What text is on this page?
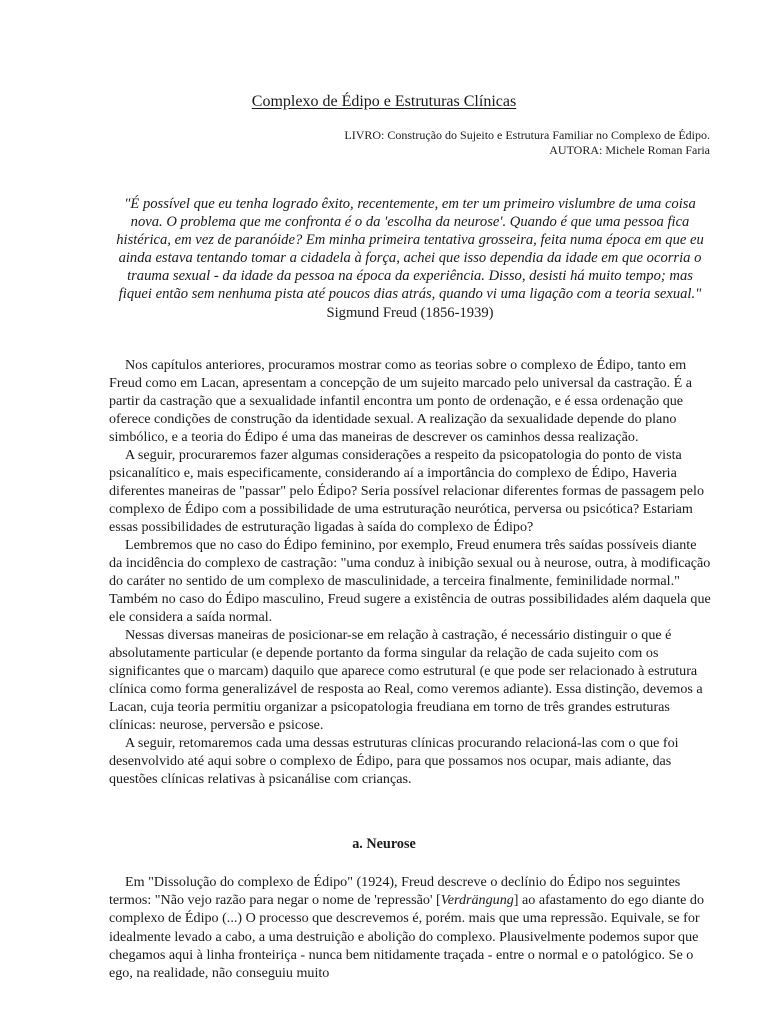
Complexo de Édipo e Estruturas Clínicas
LIVRO: Construção do Sujeito e Estrutura Familiar no Complexo de Édipo.
AUTORA: Michele Roman Faria
"É possível que eu tenha logrado êxito, recentemente, em ter um primeiro vislumbre de uma coisa nova. O problema que me confronta é o da 'escolha da neurose'. Quando é que uma pessoa fica histérica, em vez de paranóide? Em minha primeira tentativa grosseira, feita numa época em que eu ainda estava tentando tomar a cidadela à força, achei que isso dependia da idade em que ocorria o trauma sexual - da idade da pessoa na época da experiência. Disso, desisti há muito tempo; mas fiquei então sem nenhuma pista até poucos dias atrás, quando vi uma ligação com a teoria sexual."
Sigmund Freud (1856-1939)

Nos capítulos anteriores, procuramos mostrar como as teorias sobre o complexo de Édipo, tanto em Freud como em Lacan, apresentam a concepção de um sujeito marcado pelo universal da castração. É a partir da castração que a sexualidade infantil encontra um ponto de ordenação, e é essa ordenação que oferece condições de construção da identidade sexual. A realização da sexualidade depende do plano simbólico, e a teoria do Édipo é uma das maneiras de descrever os caminhos dessa realização.

A seguir, procuraremos fazer algumas considerações a respeito da psicopatologia do ponto de vista psicanalítico e, mais especificamente, considerando aí a importância do complexo de Édipo, Haveria diferentes maneiras de "passar" pelo Édipo? Seria possível relacionar diferentes formas de passagem pelo complexo de Édipo com a possibilidade de uma estruturação neurótica, perversa ou psicótica? Estariam essas possibilidades de estruturação ligadas à saída do complexo de Édipo?

Lembremos que no caso do Édipo feminino, por exemplo, Freud enumera três saídas possíveis diante da incidência do complexo de castração: "uma conduz à inibição sexual ou à neurose, outra, à modificação do caráter no sentido de um complexo de masculinidade, a terceira finalmente, feminilidade normal." Também no caso do Édipo masculino, Freud sugere a existência de outras possibilidades além daquela que ele considera a saída normal.

Nessas diversas maneiras de posicionar-se em relação à castração, é necessário distinguir o que é absolutamente particular (e depende portanto da forma singular da relação de cada sujeito com os significantes que o marcam) daquilo que aparece como estrutural (e que pode ser relacionado à estrutura clínica como forma generalizável de resposta ao Real, como veremos adiante). Essa distinção, devemos a Lacan, cuja teoria permitiu organizar a psicopatologia freudiana em torno de três grandes estruturas clínicas: neurose, perversão e psicose.

A seguir, retomaremos cada uma dessas estruturas clínicas procurando relacioná-las com o que foi desenvolvido até aqui sobre o complexo de Édipo, para que possamos nos ocupar, mais adiante, das questões clínicas relativas à psicanálise com crianças.

a. Neurose

Em "Dissolução do complexo de Édipo" (1924), Freud descreve o declínio do Édipo nos seguintes termos: "Não vejo razão para negar o nome de 'repressão' [Verdrängung] ao afastamento do ego diante do complexo de Édipo (...) O processo que descrevemos é, porém. mais que uma repressão. Equivale, se for idealmente levado a cabo, a uma destruição e abolição do complexo. Plausivelmente podemos supor que chegamos aqui à linha fronteiriça - nunca bem nitidamente traçada - entre o normal e o patológico. Se o ego, na realidade, não conseguiu muito
